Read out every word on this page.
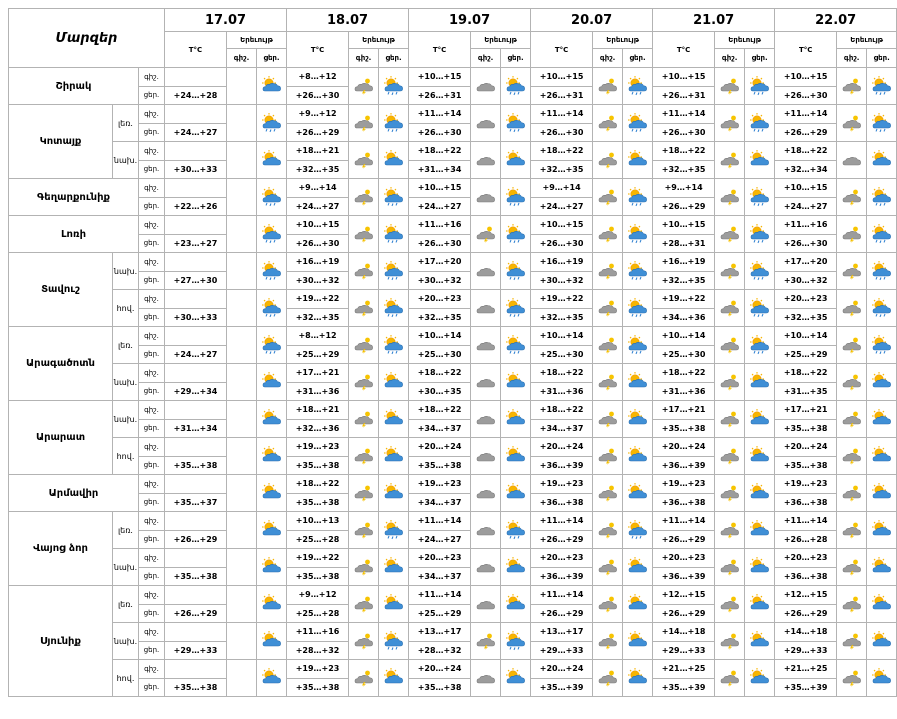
Մարզեր			17.07			18.07			19.07			20.07			21.07			22.07		
			T°C	Երեւույթ		T°C	Երեւույթ		T°C	Երեւույթ		T°C	Երեւույթ		T°C	Երեւույթ		T°C	Երեւույթ	
				գիշ.	ցեր.		գիշ.	ցեր.		գիշ.	ցեր.		գիշ.	ցեր.		գիշ.	ցեր.		գիշ.	ցեր.
Շիրակ		գիշ.				+8…+12			+10…+15			+10…+15			+10…+15			+10…+15	

		ցեր.	+24…+28			+26…+30			+26…+31			+26…+31			+26…+31			+26…+30		
Կոտայք	լեռ.	գիշ.				+9…+12			+11…+14			+11…+14			+11…+14			+11…+14	

		ցեր.	+24…+27			+26…+29			+26…+30			+26…+30			+26…+30			+26…+29		
	նախ.	գիշ.				+18…+21			+18…+22			+18…+22			+18…+22			+18…+22	

		ցեր.	+30…+33			+32…+35			+31…+34			+32…+35			+32…+35			+32…+34		
Գեղարքունիք		գիշ.				+9…+14			+10…+15			+9…+14			+9…+14			+10…+15	

		ցեր.	+22…+26			+24…+27			+24…+27			+24…+27			+26…+29			+24…+27		
Լոռի		գիշ.				+10…+15			+11…+16			+10…+15			+10…+15			+11…+16	

		ցեր.	+23…+27			+26…+30			+26…+30			+26…+30			+28…+31			+26…+30		
Տավուշ	նախ.	գիշ.				+16…+19			+17…+20			+16…+19			+16…+19			+17…+20	

		ցեր.	+27…+30			+30…+32			+30…+32			+30…+32			+32…+35			+30…+32		
	հով.	գիշ.				+19…+22			+20…+23			+19…+22			+19…+22			+20…+23	

		ցեր.	+30…+33			+32…+35			+32…+35			+32…+35			+34…+36			+32…+35		
Արագածոտն	լեռ.	գիշ.				+8…+12			+10…+14			+10…+14			+10…+14			+10…+14	

		ցեր.	+24…+27			+25…+29			+25…+30			+25…+30			+25…+30			+25…+29		
	նախ.	գիշ.				+17…+21			+18…+22			+18…+22			+18…+22			+18…+22	

		ցեր.	+29…+34			+31…+36			+30…+35			+31…+36			+31…+36			+31…+35		
Արարատ	նախ.	գիշ.				+18…+21			+18…+22			+18…+22			+17…+21			+17…+21	

		ցեր.	+31…+34			+32…+36			+34…+37			+34…+37			+35…+38			+35…+38		
	հով.	գիշ.				+19…+23			+20…+24			+20…+24			+20…+24			+20…+24	

		ցեր.	+35…+38			+35…+38			+35…+38			+36…+39			+36…+39			+35…+38		
Արմավիր		գիշ.				+18…+22			+19…+23			+19…+23			+19…+23			+19…+23	

		ցեր.	+35…+37			+35…+38			+34…+37			+36…+38			+36…+38			+36…+38		
Վայոց ձոր	լեռ.	գիշ.				+10…+13			+11…+14			+11…+14			+11…+14			+11…+14	

		ցեր.	+26…+29			+25…+28			+24…+27			+26…+29			+26…+29			+26…+28		
	նախ.	գիշ.				+19…+22			+20…+23			+20…+23			+20…+23			+20…+23	

		ցեր.	+35…+38			+35…+38			+34…+37			+36…+39			+36…+39			+36…+38		
Սյունիք	լեռ.	գիշ.				+9…+12			+11…+14			+11…+14			+12…+15			+12…+15	

		ցեր.	+26…+29			+25…+28			+25…+29			+26…+29			+26…+29			+26…+29		
	նախ.	գիշ.				+11…+16			+13…+17			+13…+17			+14…+18			+14…+18	

		ցեր.	+29…+33			+28…+32			+28…+32			+29…+33			+29…+33			+29…+33		
	հով.	գիշ.				+19…+23			+20…+24			+20…+24			+21…+25			+21…+25	

		ցեր.	+35…+38			+35…+38			+35…+38			+35…+39			+35…+39			+35…+39		
